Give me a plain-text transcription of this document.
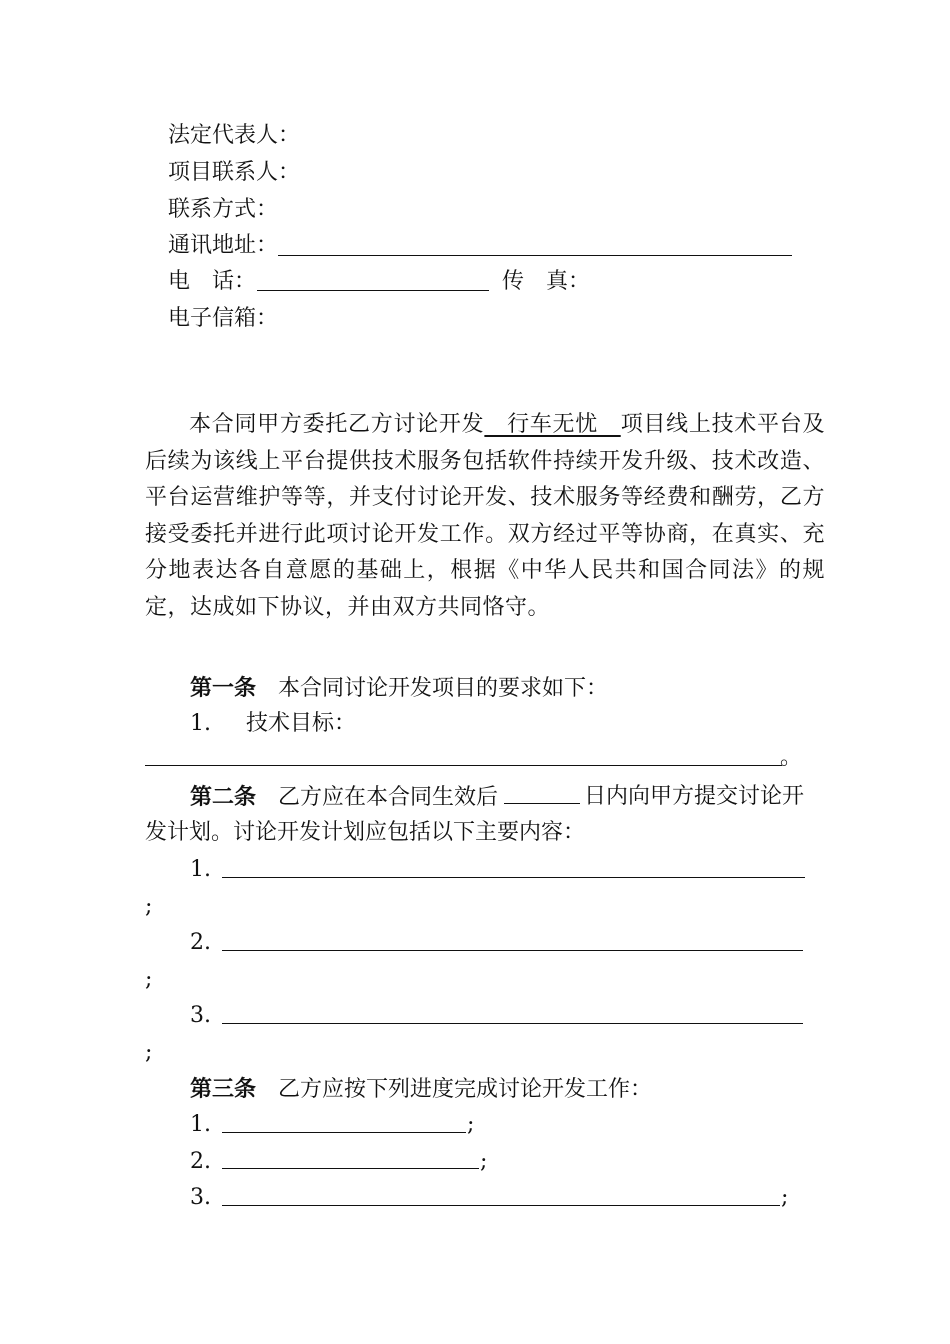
法定代表人：
项目联系人：
联系方式：
通讯地址：
电　话：	传　真：
电子信箱：
本合同甲方委托乙方讨论开发　行车无忧　项目线上技术平台及后续为该线上平台提供技术服务包括软件持续开发升级、技术改造、平台运营维护等等，并支付讨论开发、技术服务等经费和酬劳，乙方接受委托并进行此项讨论开发工作。双方经过平等协商，在真实、充分地表达各自意愿的基础上，根据《中华人民共和国合同法》的规定，达成如下协议，并由双方共同恪守。
第一条 本合同讨论开发项目的要求如下：
1. 技术目标：
。
第二条 乙方应在本合同生效后	日内向甲方提交讨论开
发计划。讨论开发计划应包括以下主要内容：
1.
;
2.
;
3.
;
第三条 乙方应按下列进度完成讨论开发工作：
1.	;
2.	;
3.	;
